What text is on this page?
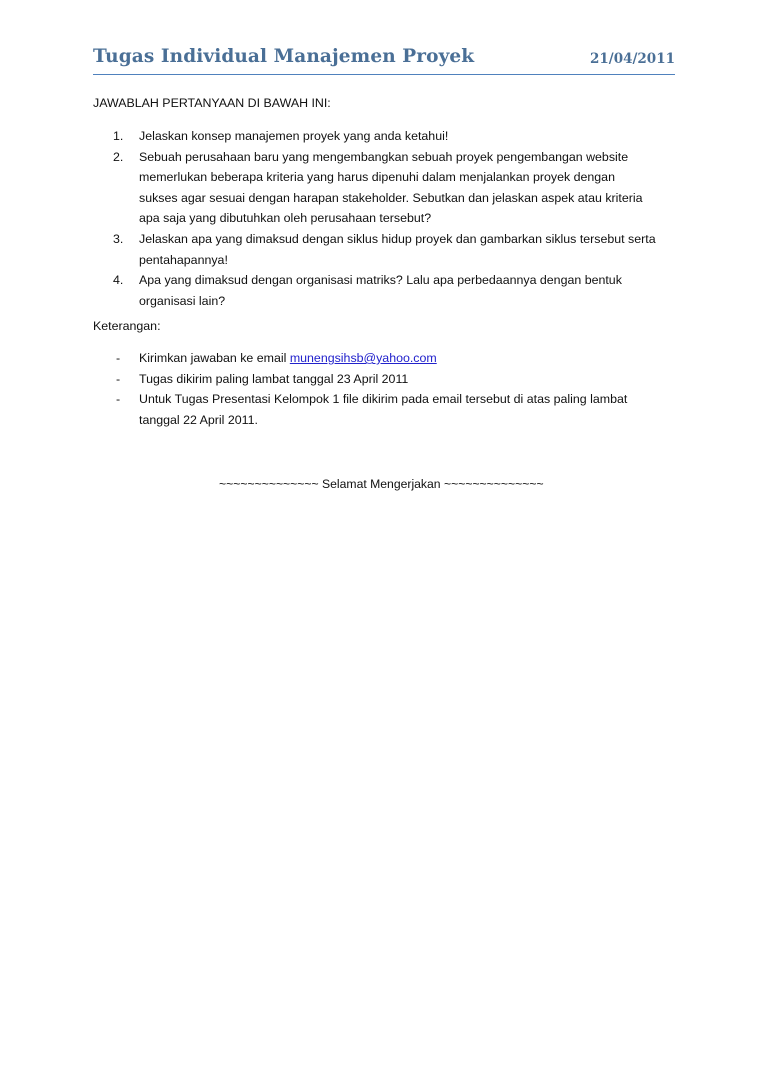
Tugas Individual Manajemen Proyek	21/04/2011
JAWABLAH PERTANYAAN DI BAWAH INI:
1. Jelaskan konsep manajemen proyek yang anda ketahui!
2. Sebuah perusahaan baru yang mengembangkan sebuah proyek pengembangan website
memerlukan beberapa kriteria yang harus dipenuhi dalam menjalankan proyek dengan
sukses agar sesuai dengan harapan stakeholder. Sebutkan dan jelaskan aspek atau kriteria
apa saja yang dibutuhkan oleh perusahaan tersebut?
3. Jelaskan apa yang dimaksud dengan siklus hidup proyek dan gambarkan siklus tersebut serta
pentahapannya!
4. Apa yang dimaksud dengan organisasi matriks? Lalu apa perbedaannya dengan bentuk
organisasi lain?
Keterangan:
- Kirimkan jawaban ke email munengsihsb@yahoo.com
- Tugas dikirim paling lambat tanggal 23 April 2011
- Untuk Tugas Presentasi Kelompok 1 file dikirim pada email tersebut di atas paling lambat
tanggal 22 April 2011.
~~~~~~~~~~~~~~ Selamat Mengerjakan ~~~~~~~~~~~~~~
